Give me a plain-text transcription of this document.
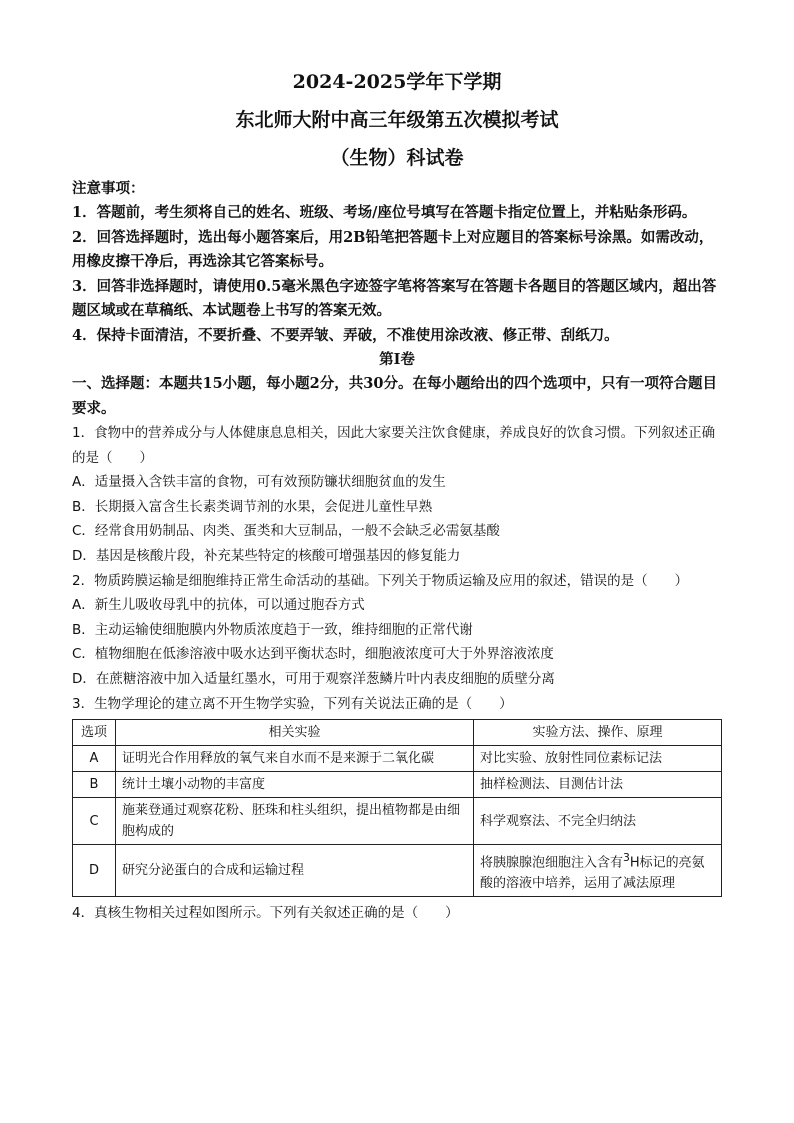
2024-2025学年下学期

东北师大附中高三年级第五次模拟考试

（生物）科试卷

注意事项：
1．答题前，考生须将自己的姓名、班级、考场/座位号填写在答题卡指定位置上，并粘贴条形码。
2．回答选择题时，选出每小题答案后，用2B铅笔把答题卡上对应题目的答案标号涂黑。如需改动，用橡皮擦干净后，再选涂其它答案标号。
3．回答非选择题时，请使用0.5毫米黑色字迹签字笔将答案写在答题卡各题目的答题区域内，超出答题区域或在草稿纸、本试题卷上书写的答案无效。
4．保持卡面清洁，不要折叠、不要弄皱、弄破，不准使用涂改液、修正带、刮纸刀。
第Ⅰ卷
一、选择题：本题共15小题，每小题2分，共30分。在每小题给出的四个选项中，只有一项符合题目要求。
1．食物中的营养成分与人体健康息息相关，因此大家要关注饮食健康，养成良好的饮食习惯。下列叙述正确的是（　　）
A．适量摄入含铁丰富的食物，可有效预防镰状细胞贫血的发生
B．长期摄入富含生长素类调节剂的水果，会促进儿童性早熟
C．经常食用奶制品、肉类、蛋类和大豆制品，一般不会缺乏必需氨基酸
D．基因是核酸片段，补充某些特定的核酸可增强基因的修复能力
2．物质跨膜运输是细胞维持正常生命活动的基础。下列关于物质运输及应用的叙述，错误的是（　　）
A．新生儿吸收母乳中的抗体，可以通过胞吞方式
B．主动运输使细胞膜内外物质浓度趋于一致，维持细胞的正常代谢
C．植物细胞在低渗溶液中吸水达到平衡状态时，细胞液浓度可大于外界溶液浓度
D．在蔗糖溶液中加入适量红墨水，可用于观察洋葱鳞片叶内表皮细胞的质壁分离
3．生物学理论的建立离不开生物学实验，下列有关说法正确的是（　　）
选项	相关实验	实验方法、操作、原理
A	证明光合作用释放的氧气来自水而不是来源于二氧化碳	对比实验、放射性同位素标记法
B	统计土壤小动物的丰富度	抽样检测法、目测估计法
C	施莱登通过观察花粉、胚珠和柱头组织，提出植物都是由细胞构成的	科学观察法、不完全归纳法
D	研究分泌蛋白的合成和运输过程	将胰腺腺泡细胞注入含有$^3$H标记的亮氨酸的溶液中培养，运用了减法原理
4．真核生物相关过程如图所示。下列有关叙述正确的是（　　）
